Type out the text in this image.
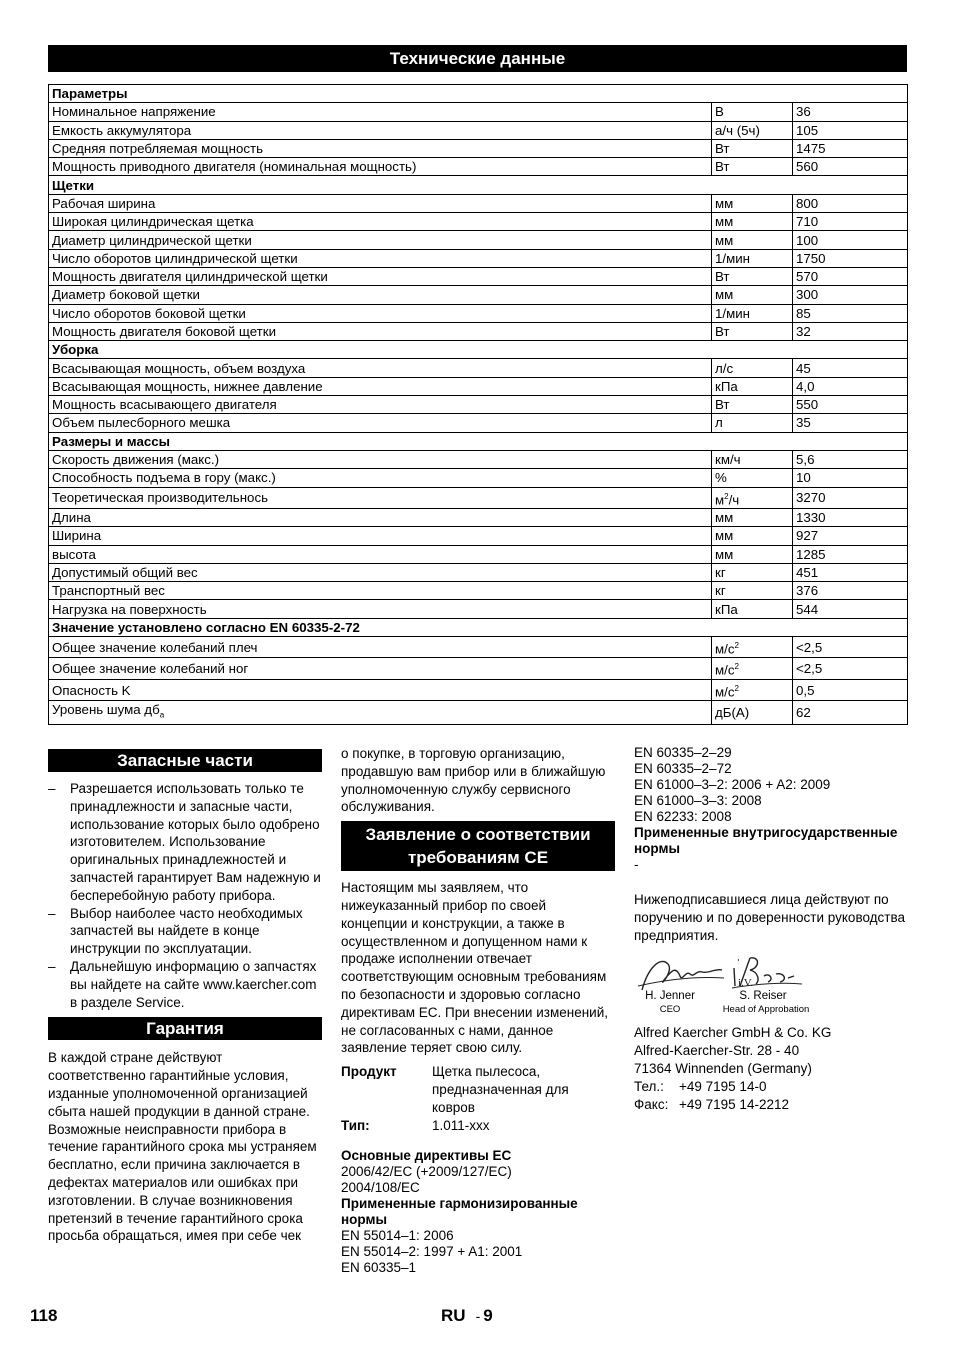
Технические данные
Параметры		
Номинальное напряжение	В	36
Емкость аккумулятора	а/ч (5ч)	105
Средняя потребляемая мощность	Вт	1475
Мощность приводного двигателя (номинальная мощность)	Вт	560
Щетки		
Рабочая ширина	мм	800
Широкая цилиндрическая щетка	мм	710
Диаметр цилиндрической щетки	мм	100
Число оборотов цилиндрической щетки	1/мин	1750
Мощность двигателя цилиндрической щетки	Вт	570
Диаметр боковой щетки	мм	300
Число оборотов боковой щетки	1/мин	85
Мощность двигателя боковой щетки	Вт	32
Уборка		
Всасывающая мощность, объем воздуха	л/с	45
Всасывающая мощность, нижнее давление	кПа	4,0
Мощность всасывающего двигателя	Вт	550
Объем пылесборного мешка	л	35
Размеры и массы		
Скорость движения (макс.)	км/ч	5,6
Способность подъема в гору (макс.)	%	10
Теоретическая производительнось	$м^2/ч$	3270
Длина	мм	1330
Ширина	мм	927
высота	мм	1285
Допустимый общий вес	кг	451
Транспортный вес	кг	376
Нагрузка на поверхность	кПа	544
Значение установлено согласно EN 60335-2-72		
Общее значение колебаний плеч	$м/с^2$	<2,5
Общее значение колебаний ног	$м/с^2$	<2,5
Опасность K	$м/с^2$	0,5
Уровень шума $дб_a$	дБ(А)	62
Запасные части
– Разрешается использовать только те принадлежности и запасные части, использование которых было одобрено изготовителем. Использование оригинальных принадлежностей и запчастей гарантирует Вам надежную и бесперебойную работу прибора.
– Выбор наиболее часто необходимых запчастей вы найдете в конце инструкции по эксплуатации.
– Дальнейшую информацию о запчастях вы найдете на сайте www.kaercher.com в разделе Service.
Гарантия

В каждой стране действуют соответственно гарантийные условия, изданные уполномоченной организацией сбыта нашей продукции в данной стране. Возможные неисправности прибора в течение гарантийного срока мы устраняем бесплатно, если причина заключается в дефектах материалов или ошибках при изготовлении. В случае возникновения претензий в течение гарантийного срока просьба обращаться, имея при себе чек

о покупке, в торговую организацию, продавшую вам прибор или в ближайшую уполномоченную службу сервисного обслуживания.

Заявление о соответствии
требованиям СЕ

Настоящим мы заявляем, что нижеуказанный прибор по своей концепции и конструкции, а также в осуществленном и допущенном нами к продаже исполнении отвечает соответствующим основным требованиям по безопасности и здоровью согласно директивам ЕС. При внесении изменений, не согласованных с нами, данное заявление теряет свою силу.

Продукт	Щетка пылесоса, предназначенная для ковров
Тип:	1.011-xxx
Основные директивы ЕС
2006/42/EC (+2009/127/EC)
2004/108/EC
Примененные гармонизированные нормы
EN 55014–1: 2006
EN 55014–2: 1997 + A1: 2001
EN 60335–1
EN 60335–2–29
EN 60335–2–72
EN 61000–3–2: 2006 + A2: 2009
EN 61000–3–3: 2008
EN 62233: 2008
Примененные внутригосударственные нормы
-

Нижеподписавшиеся лица действуют по поручению и по доверенности руководства предприятия.

i.V.
H. Jenner
CEO
S. Reiser
Head of Approbation
Alfred Kaercher GmbH & Co. KG
Alfred-Kaercher-Str. 28 - 40
71364 Winnenden (Germany)
Тел.:	+49 7195 14-0
Факс: +49 7195 14-2212
118	RU - 9
